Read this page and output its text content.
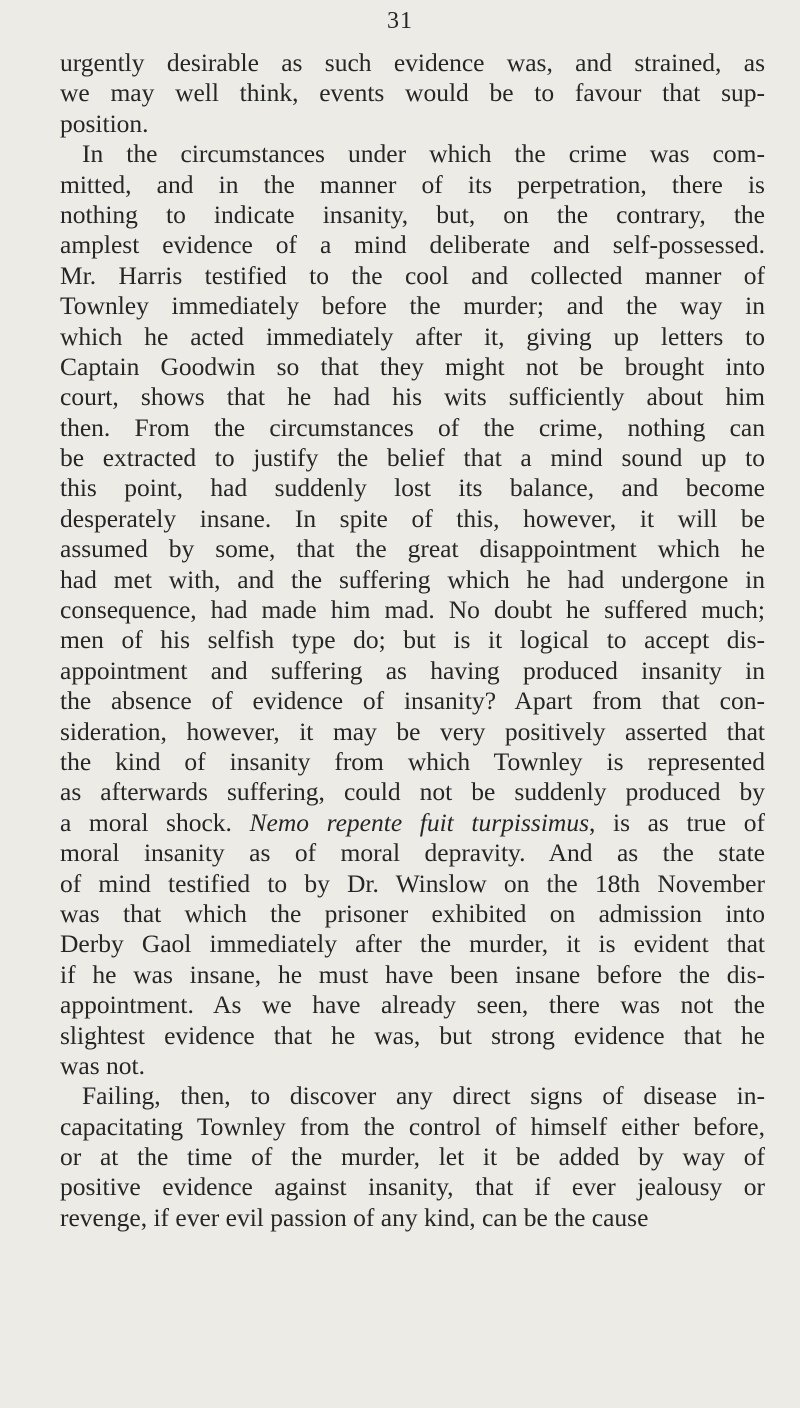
31
urgently desirable as such evidence was, and strained, as
we may well think, events would be to favour that sup-
position.
In the circumstances under which the crime was com-
mitted, and in the manner of its perpetration, there is
nothing to indicate insanity, but, on the contrary, the
amplest evidence of a mind deliberate and self-possessed.
Mr. Harris testified to the cool and collected manner of
Townley immediately before the murder; and the way in
which he acted immediately after it, giving up letters to
Captain Goodwin so that they might not be brought into
court, shows that he had his wits sufficiently about him
then. From the circumstances of the crime, nothing can
be extracted to justify the belief that a mind sound up to
this point, had suddenly lost its balance, and become
desperately insane. In spite of this, however, it will be
assumed by some, that the great disappointment which he
had met with, and the suffering which he had undergone in
consequence, had made him mad. No doubt he suffered much;
men of his selfish type do; but is it logical to accept dis-
appointment and suffering as having produced insanity in
the absence of evidence of insanity? Apart from that con-
sideration, however, it may be very positively asserted that
the kind of insanity from which Townley is represented
as afterwards suffering, could not be suddenly produced by
a moral shock. Nemo repente fuit turpissimus, is as true of
moral insanity as of moral depravity. And as the state
of mind testified to by Dr. Winslow on the 18th November
was that which the prisoner exhibited on admission into
Derby Gaol immediately after the murder, it is evident that
if he was insane, he must have been insane before the dis-
appointment. As we have already seen, there was not the
slightest evidence that he was, but strong evidence that he
was not.
Failing, then, to discover any direct signs of disease in-
capacitating Townley from the control of himself either before,
or at the time of the murder, let it be added by way of
positive evidence against insanity, that if ever jealousy or
revenge, if ever evil passion of any kind, can be the cause
